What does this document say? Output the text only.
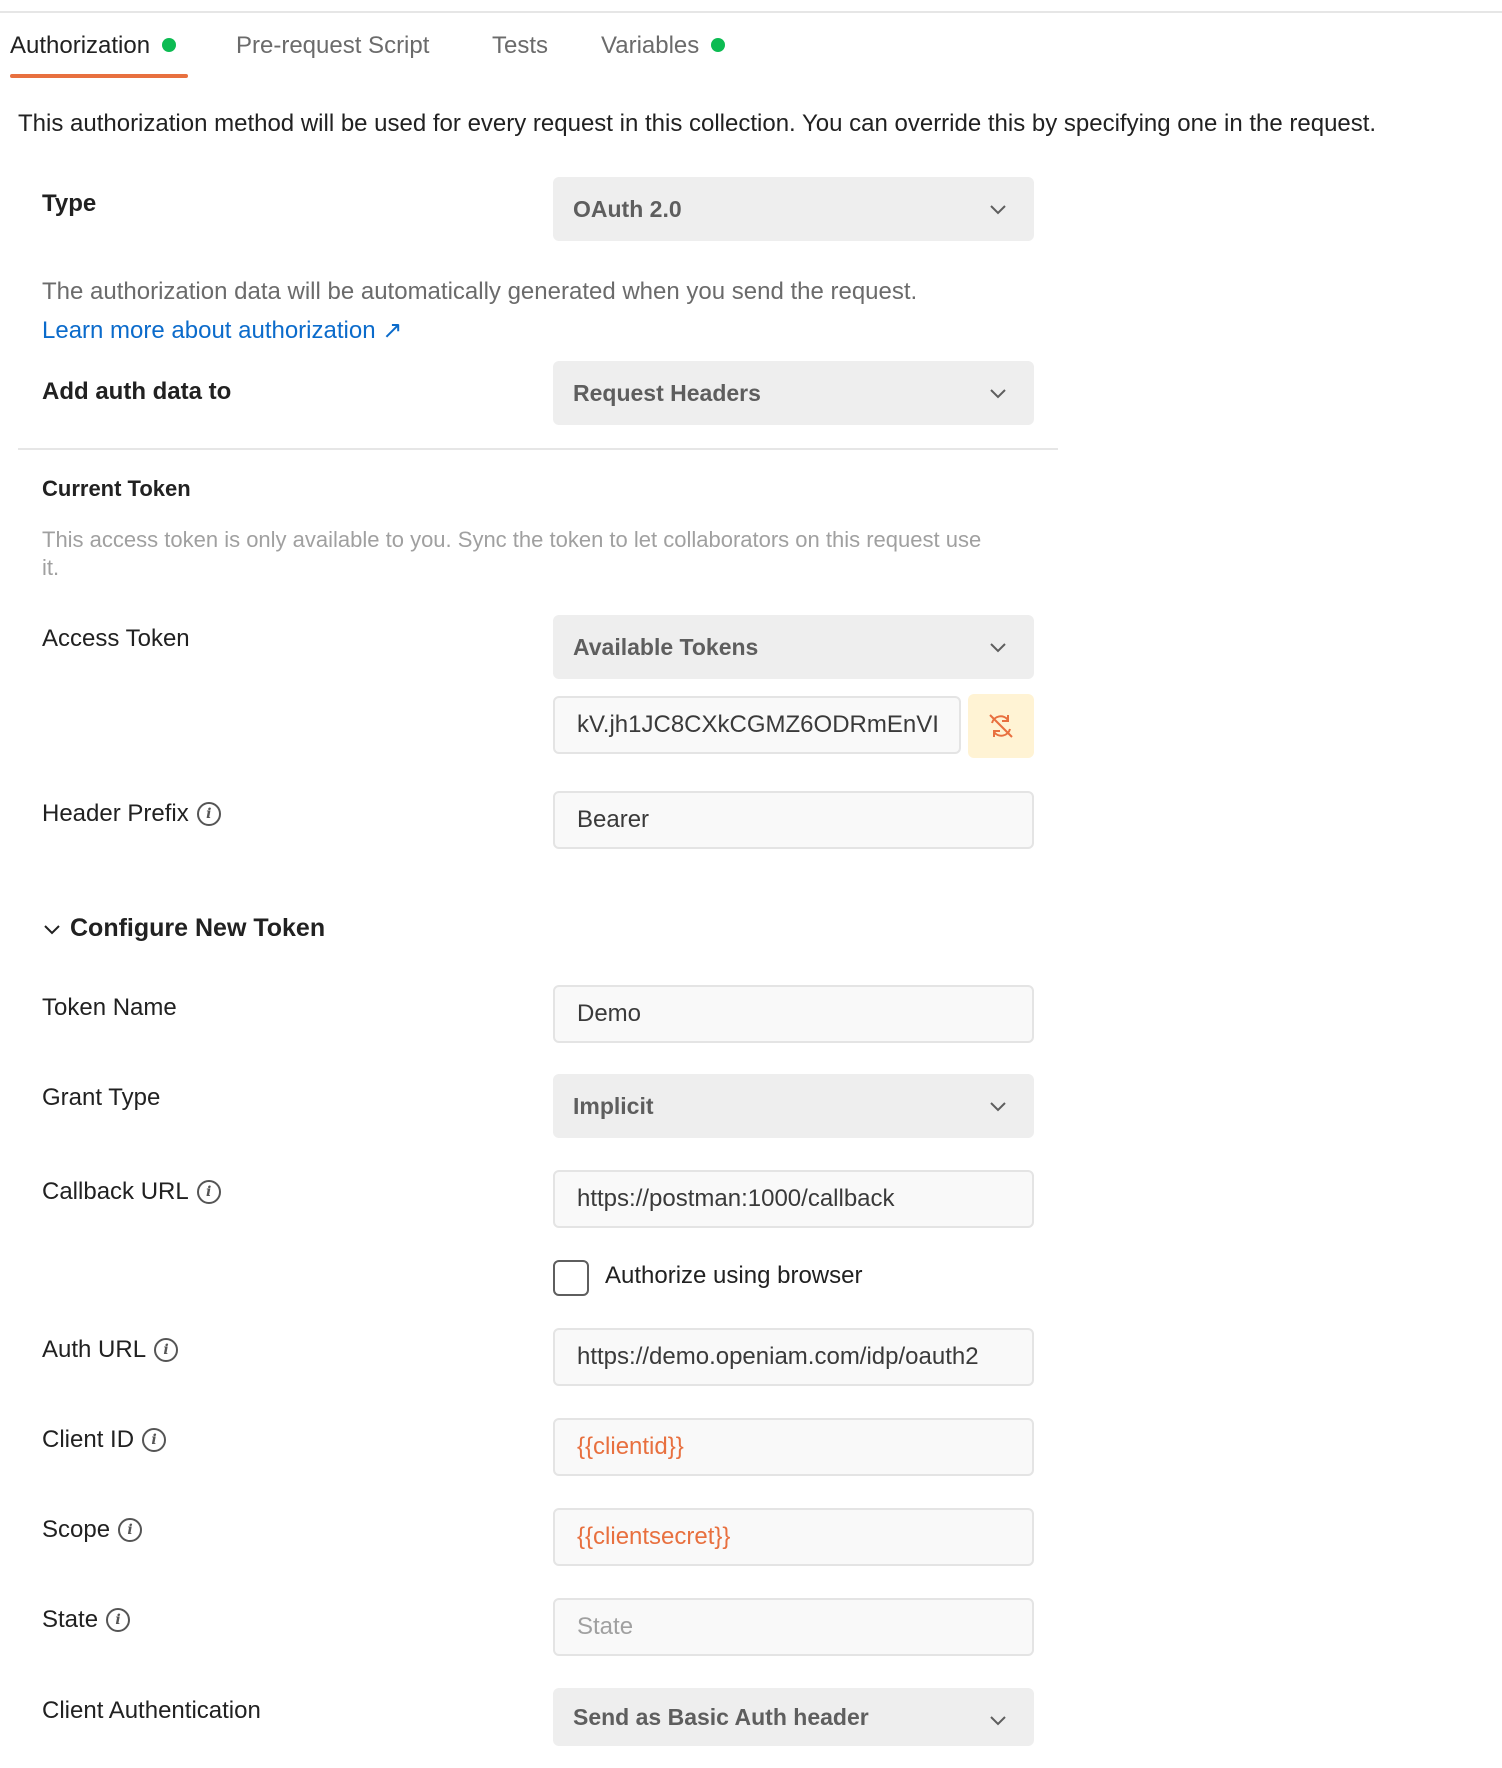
Authorization	Pre-request Script	Tests Variables
This authorization method will be used for every request in this collection. You can override this by specifying one in the request.
Type	OAuth 2.0
The authorization data will be automatically generated when you send the request.
Learn more about authorization ↗
Add auth data to	Request Headers
Current Token
This access token is only available to you. Sync the token to let collaborators on this request use it.
Access Token	Available Tokens
kV.jh1JC8CXkCGMZ6ODRmEnVI
Header Prefix	i	Bearer
Configure New Token
Token Name	Demo
Grant Type	Implicit
Callback URL	i	https://postman:1000/callback
Authorize using browser
Auth URL	i	https://demo.openiam.com/idp/oauth2
Client ID	i	{{clientid}}
Scope	i	{{clientsecret}}
State	i	State
Client Authentication	Send as Basic Auth header
